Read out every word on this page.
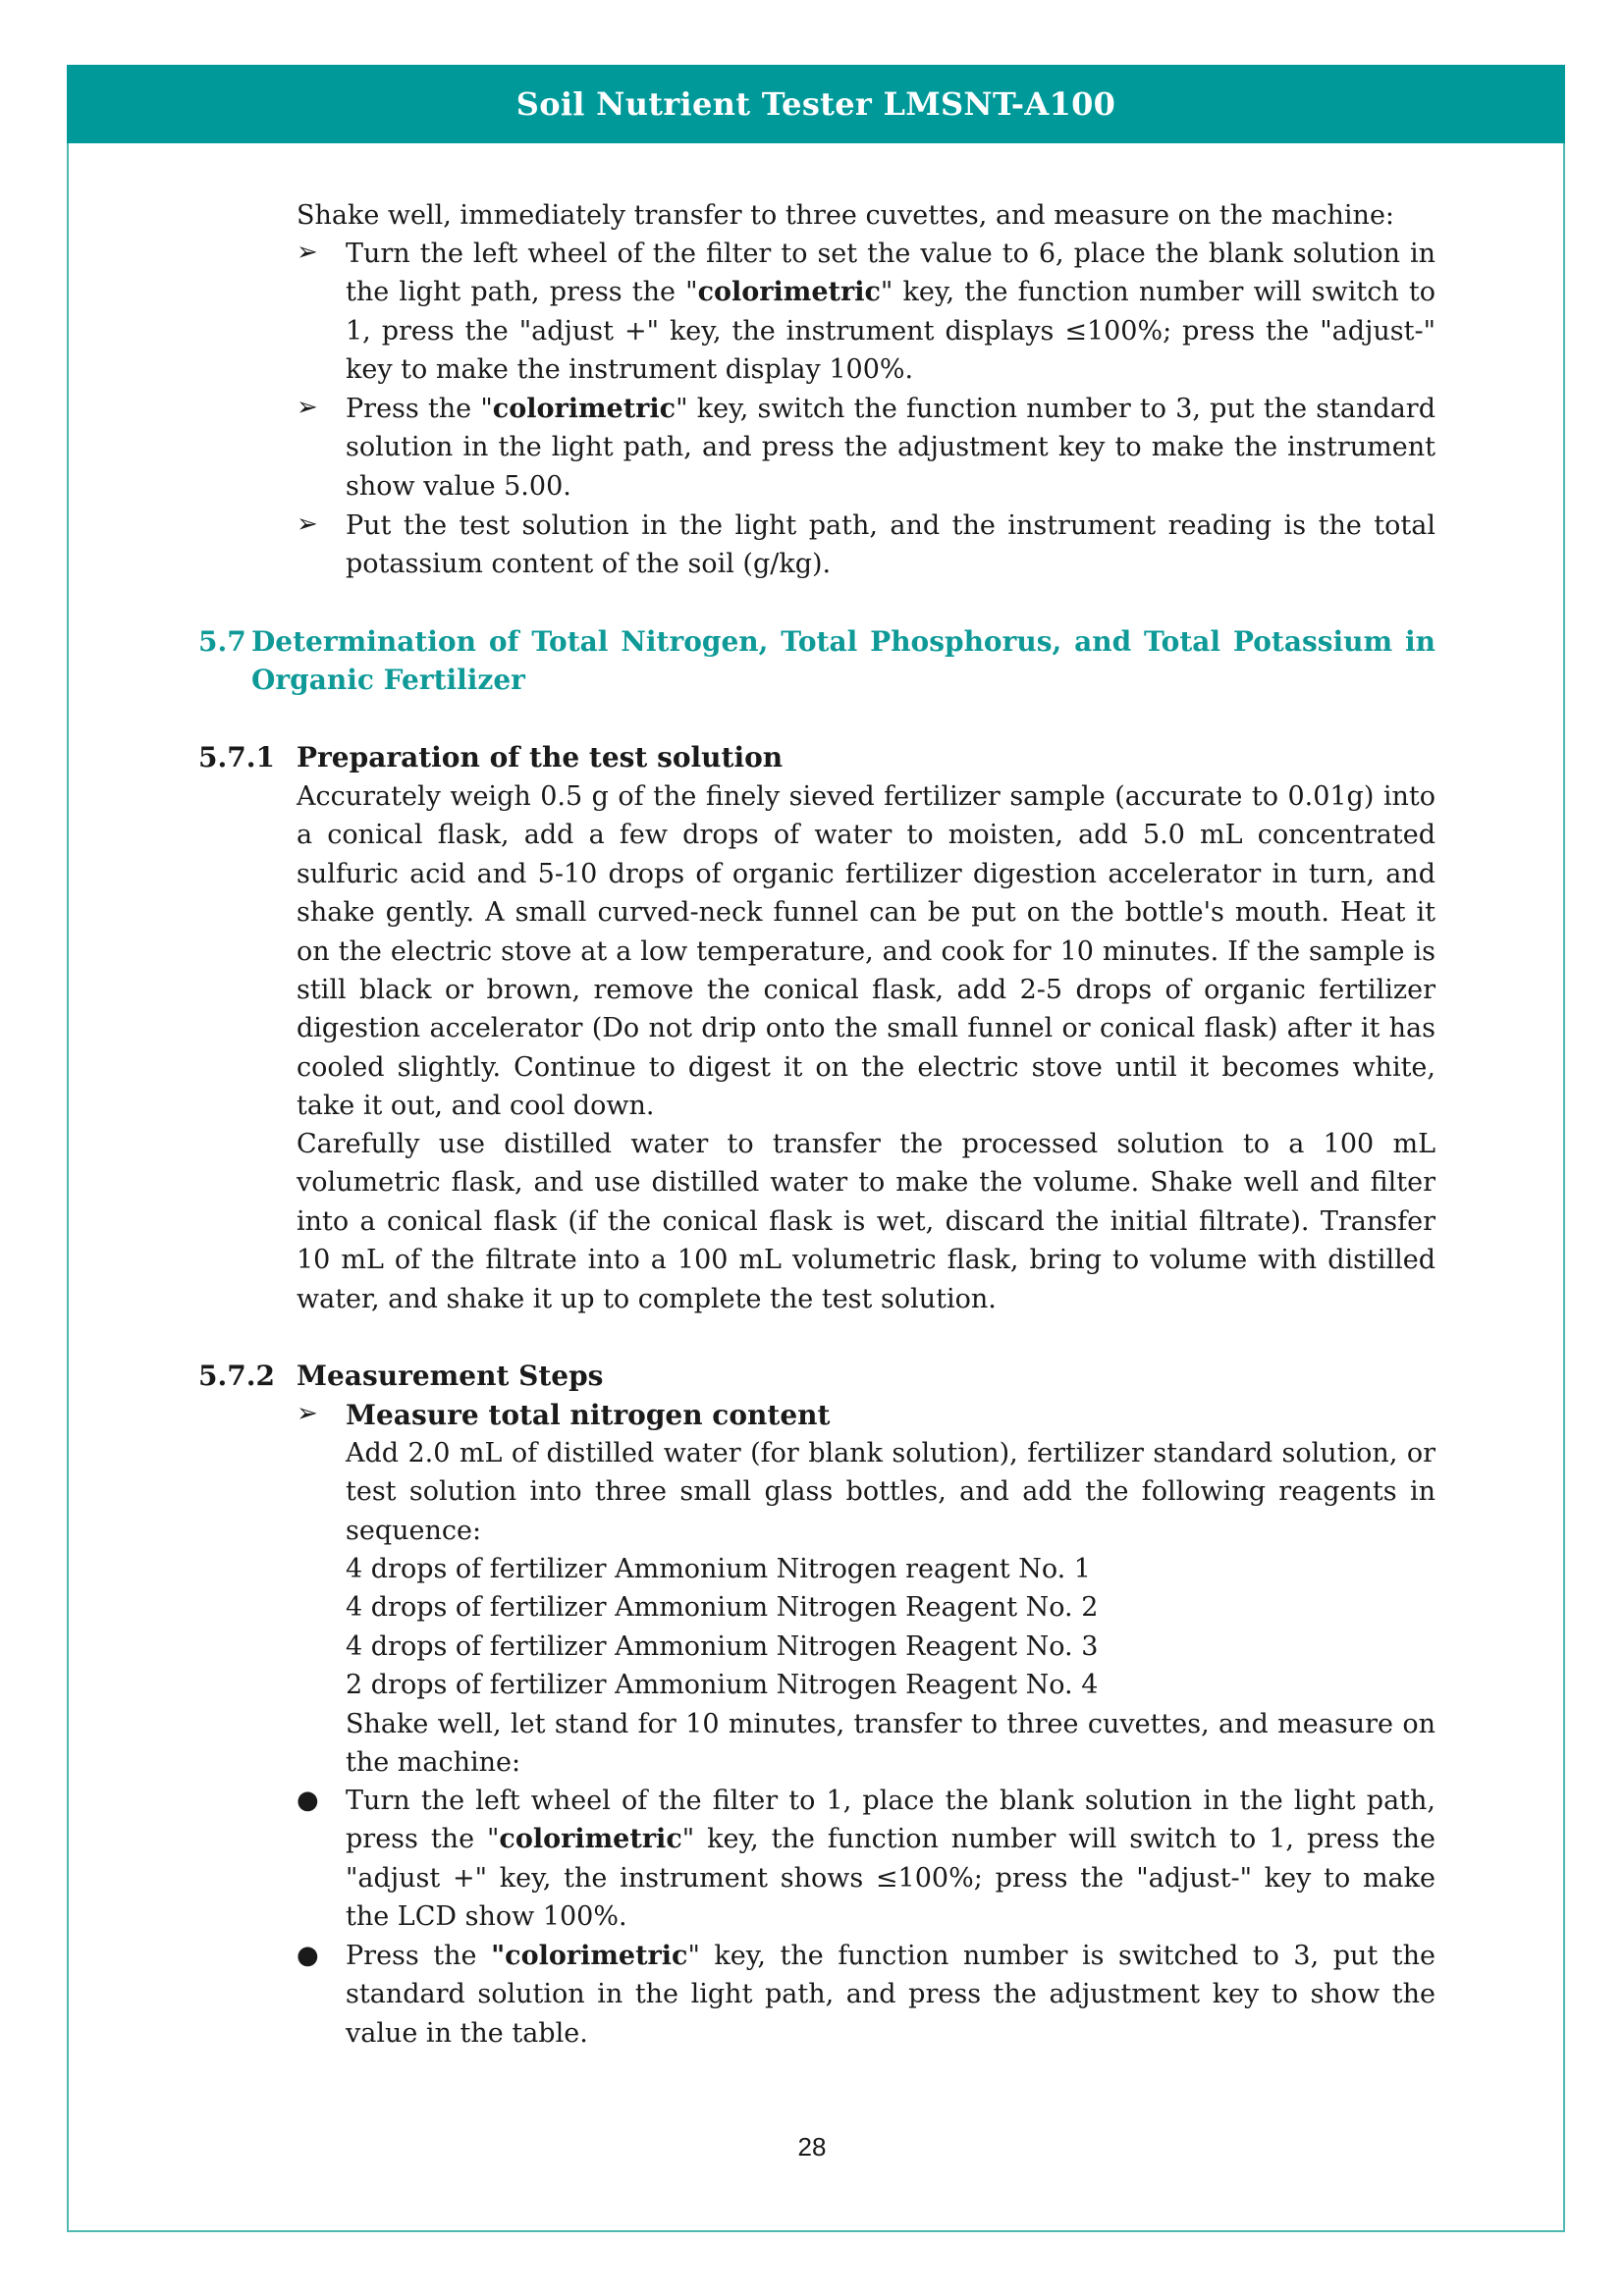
Soil Nutrient Tester LMSNT-A100
Shake well, immediately transfer to three cuvettes, and measure on the machine:
➢ Turn the left wheel of the filter to set the value to 6, place the blank solution in the light path, press the "colorimetric" key, the function number will switch to 1, press the "adjust +" key, the instrument displays ≤100%; press the "adjust-" key to make the instrument display 100%.
➢ Press the "colorimetric" key, switch the function number to 3, put the standard solution in the light path, and press the adjustment key to make the instrument show value 5.00.
➢ Put the test solution in the light path, and the instrument reading is the total potassium content of the soil (g/kg).
5.7 Determination of Total Nitrogen, Total Phosphorus, and Total Potassium in
Organic Fertilizer
5.7.1 Preparation of the test solution
Accurately weigh 0.5 g of the finely sieved fertilizer sample (accurate to 0.01g) into a conical flask, add a few drops of water to moisten, add 5.0 mL concentrated sulfuric acid and 5-10 drops of organic fertilizer digestion accelerator in turn, and shake gently. A small curved-neck funnel can be put on the bottle's mouth. Heat it on the electric stove at a low temperature, and cook for 10 minutes. If the sample is still black or brown, remove the conical flask, add 2-5 drops of organic fertilizer digestion accelerator (Do not drip onto the small funnel or conical flask) after it has cooled slightly. Continue to digest it on the electric stove until it becomes white, take it out, and cool down.
Carefully use distilled water to transfer the processed solution to a 100 mL volumetric flask, and use distilled water to make the volume. Shake well and filter into a conical flask (if the conical flask is wet, discard the initial filtrate). Transfer 10 mL of the filtrate into a 100 mL volumetric flask, bring to volume with distilled water, and shake it up to complete the test solution.
5.7.2 Measurement Steps
➢ Measure total nitrogen content
Add 2.0 mL of distilled water (for blank solution), fertilizer standard solution, or test solution into three small glass bottles, and add the following reagents in sequence:
4 drops of fertilizer Ammonium Nitrogen reagent No. 1
4 drops of fertilizer Ammonium Nitrogen Reagent No. 2
4 drops of fertilizer Ammonium Nitrogen Reagent No. 3
2 drops of fertilizer Ammonium Nitrogen Reagent No. 4
Shake well, let stand for 10 minutes, transfer to three cuvettes, and measure on the machine:
● Turn the left wheel of the filter to 1, place the blank solution in the light path, press the "colorimetric" key, the function number will switch to 1, press the "adjust +" key, the instrument shows ≤100%; press the "adjust-" key to make the LCD show 100%.
● Press the "colorimetric" key, the function number is switched to 3, put the standard solution in the light path, and press the adjustment key to show the value in the table.
28
